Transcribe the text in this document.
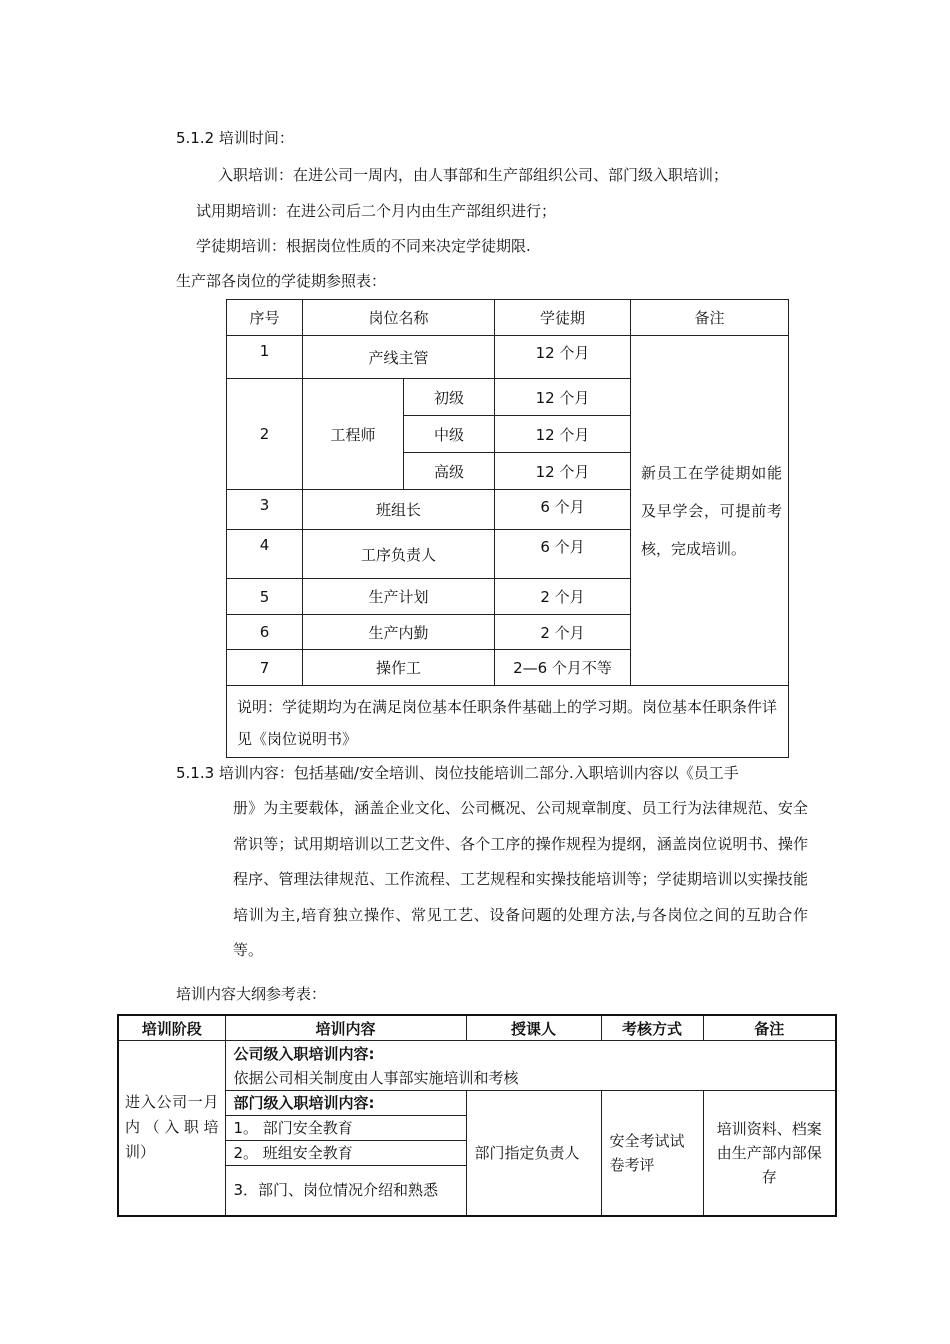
5.1.2 培训时间：
入职培训：在进公司一周内，由人事部和生产部组织公司、部门级入职培训；
试用期培训：在进公司后二个月内由生产部组织进行；
学徒期培训：根据岗位性质的不同来决定学徒期限.
生产部各岗位的学徒期参照表：
序号	岗位名称		学徒期	备注
1	产线主管		12 个月	新员工在学徒期如能及早学会，可提前考核，完成培训。
2	工程师	初级	12 个月	
		中级	12 个月	
		高级	12 个月	
3	班组长		6 个月	
4	工序负责人		6 个月	
5	生产计划		2 个月	
6	生产内勤		2 个月	
7	操作工		2—6 个月不等	
说明：学徒期均为在满足岗位基本任职条件基础上的学习期。岗位基本任职条件详见《岗位说明书》				
5.1.3 培训内容：包括基础/安全培训、岗位技能培训二部分.入职培训内容以《员工手
册》为主要载体，涵盖企业文化、公司概况、公司规章制度、员工行为法律规范、安全常识等；试用期培训以工艺文件、各个工序的操作规程为提纲，涵盖岗位说明书、操作程序、管理法律规范、工作流程、工艺规程和实操技能培训等；学徒期培训以实操技能培训为主,培育独立操作、常见工艺、设备问题的处理方法,与各岗位之间的互助合作等。
培训内容大纲参考表：
培训阶段	培训内容	授课人	考核方式	备注
进入公司一月内（入职培训）	公司级入职培训内容:
依据公司相关制度由人事部实施培训和考核			

	部门级入职培训内容:	部门指定负责人	安全考试试卷考评	培训资料、档案由生产部内部保存
	1。 部门安全教育			
	2。 班组安全教育			
	3．部门、岗位情况介绍和熟悉			
